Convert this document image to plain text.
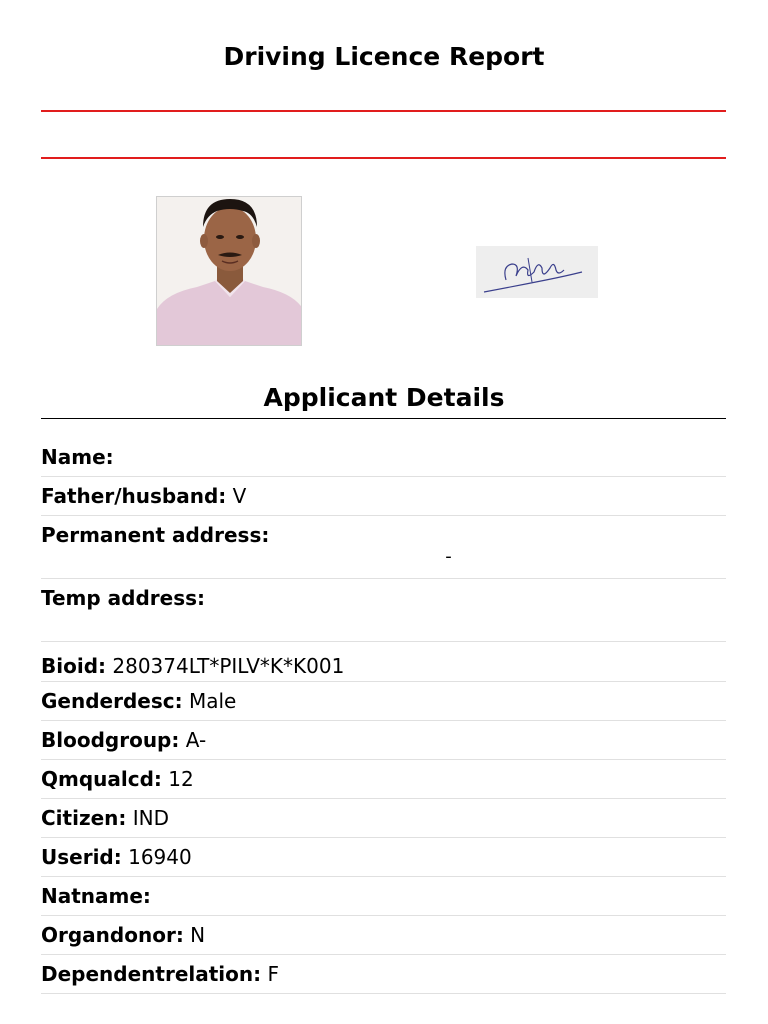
Driving Licence Report
Applicant Details
Name:
Father/husband: V
Permanent address:
-
Temp address:
Bioid: 280374LT*PILV*K*K001
Genderdesc: Male
Bloodgroup: A-
Qmqualcd: 12
Citizen: IND
Userid: 16940
Natname:
Organdonor: N
Dependentrelation: F
